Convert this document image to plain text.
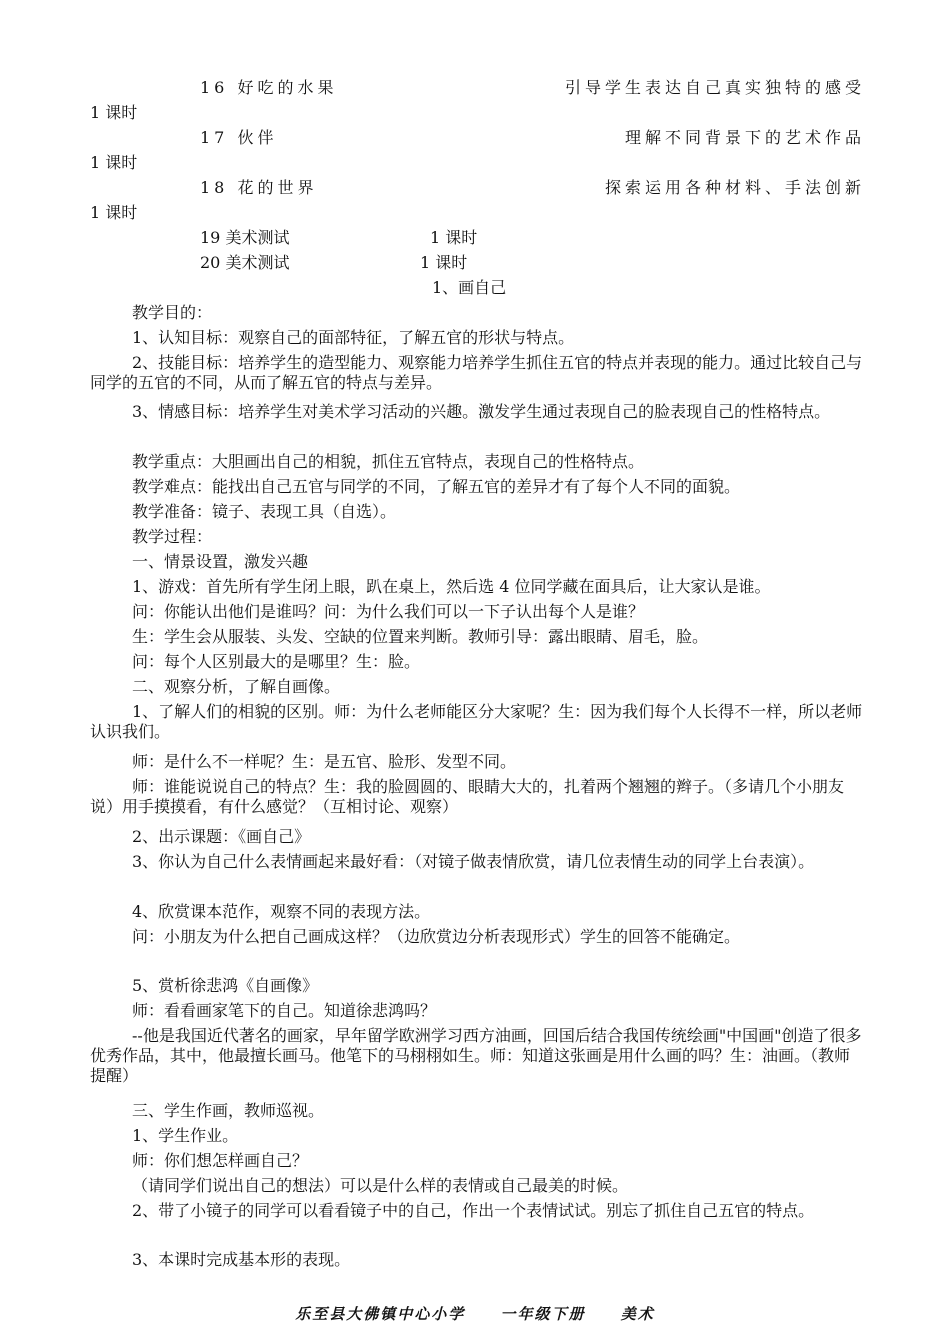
16 好吃的水果	引导学生表达自己真实独特的感受
1 课时
17 伙伴	理解不同背景下的艺术作品
1 课时
18 花的世界	探索运用各种材料、手法创新
1 课时
19 美术测试	1 课时
20 美术测试	1 课时
1、画自己
教学目的：
1、认知目标：观察自己的面部特征，了解五官的形状与特点。
2、技能目标：培养学生的造型能力、观察能力培养学生抓住五官的特点并表现的能力。通过比较自己与同学的五官的不同，从而了解五官的特点与差异。
3、情感目标：培养学生对美术学习活动的兴趣。激发学生通过表现自己的脸表现自己的性格特点。
教学重点：大胆画出自己的相貌，抓住五官特点，表现自己的性格特点。
教学难点：能找出自己五官与同学的不同，了解五官的差异才有了每个人不同的面貌。
教学准备：镜子、表现工具（自选）。
教学过程：
一、情景设置，激发兴趣
1、游戏：首先所有学生闭上眼，趴在桌上，然后选 4 位同学藏在面具后，让大家认是谁。
问：你能认出他们是谁吗？问：为什么我们可以一下子认出每个人是谁？
生：学生会从服装、头发、空缺的位置来判断。教师引导：露出眼睛、眉毛，脸。
问：每个人区别最大的是哪里？生：脸。
二、观察分析，了解自画像。
1、了解人们的相貌的区别。师：为什么老师能区分大家呢？生：因为我们每个人长得不一样，所以老师认识我们。
师：是什么不一样呢？生：是五官、脸形、发型不同。
师：谁能说说自己的特点？生：我的脸圆圆的、眼睛大大的，扎着两个翘翘的辫子。（多请几个小朋友说）用手摸摸看，有什么感觉？（互相讨论、观察）
2、出示课题：《画自己》
3、你认为自己什么表情画起来最好看：（对镜子做表情欣赏，请几位表情生动的同学上台表演）。
4、欣赏课本范作，观察不同的表现方法。
问：小朋友为什么把自己画成这样？（边欣赏边分析表现形式）学生的回答不能确定。
5、赏析徐悲鸿《自画像》
师：看看画家笔下的自己。知道徐悲鸿吗？
--他是我国近代著名的画家，早年留学欧洲学习西方油画，回国后结合我国传统绘画"中国画"创造了很多优秀作品，其中，他最擅长画马。他笔下的马栩栩如生。师：知道这张画是用什么画的吗？生：油画。（教师提醒）
三、学生作画，教师巡视。
1、学生作业。
师：你们想怎样画自己？
（请同学们说出自己的想法）可以是什么样的表情或自己最美的时候。
2、带了小镜子的同学可以看看镜子中的自己，作出一个表情试试。别忘了抓住自己五官的特点。
3、本课时完成基本形的表现。
乐至县大佛镇中心小学 一年级下册 美术
